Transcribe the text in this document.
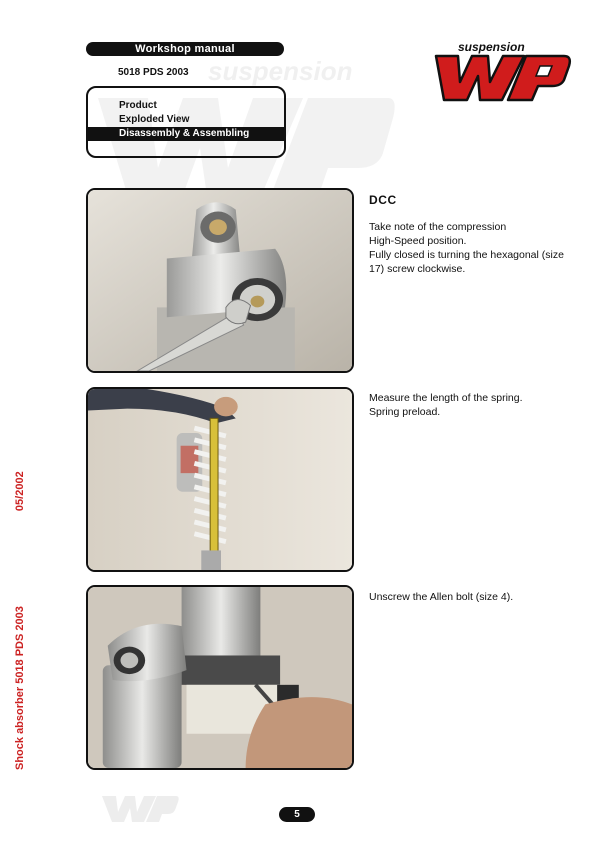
suspension
Workshop manual
5018 PDS 2003
Product
Exploded View
Disassembly & Assembling
suspension
DCC
Take note of the compression
High-Speed position.
Fully closed is turning the hexagonal (size
17) screw clockwise.
Measure the length of the spring.
Spring preload.
Unscrew the Allen bolt (size 4).
Shock absorber 5018 PDS 2003 05/2002
5
